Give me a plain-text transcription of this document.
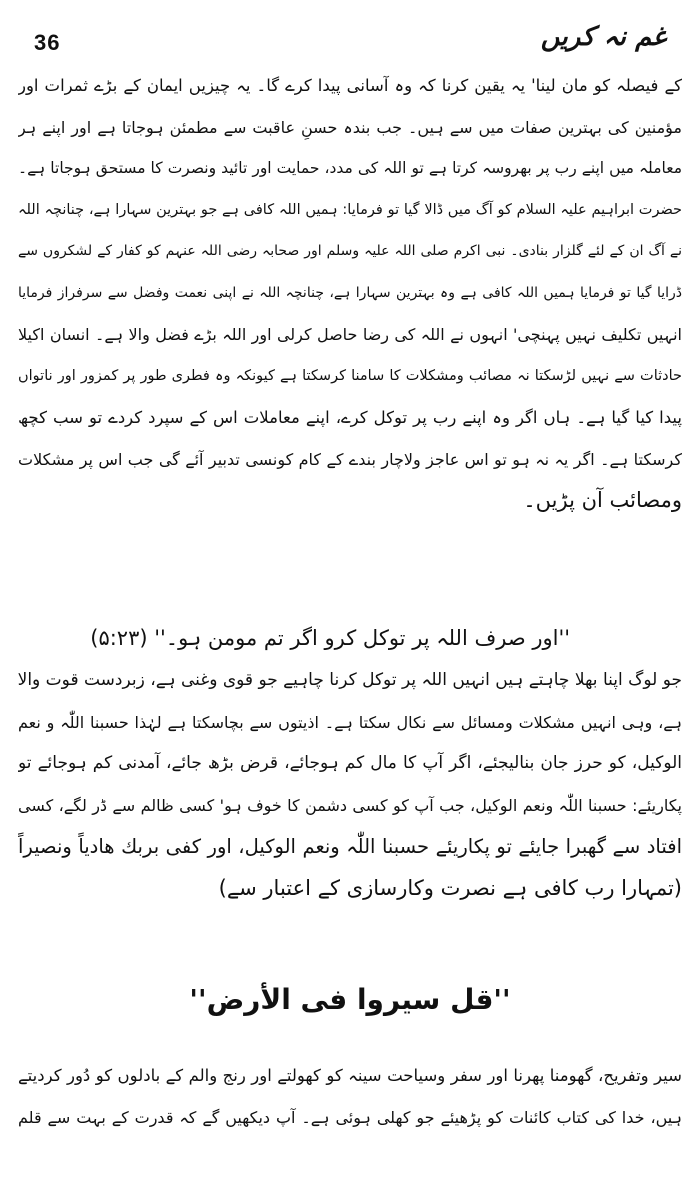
36	غم نہ کریں
کے فیصلہ کو مان لینا' یہ یقین کرنا کہ وہ آسانی پیدا کرے گا۔ یہ چیزیں ایمان کے بڑے ثمرات اور
مؤمنین کی بہترین صفات میں سے ہیں۔ جب بندہ حسنِ عاقبت سے مطمئن ہوجاتا ہے اور اپنے ہر
معاملہ میں اپنے رب پر بھروسہ کرتا ہے تو اللہ کی مدد، حمایت اور تائید ونصرت کا مستحق ہوجاتا ہے۔
حضرت ابراہیم علیہ السلام کو آگ میں ڈالا گیا تو فرمایا: ہمیں اللہ کافی ہے جو بہترین سہارا ہے، چنانچہ اللہ
نے آگ ان کے لئے گلزار بنادی۔ نبی اکرم صلی اللہ علیہ وسلم اور صحابہ رضی اللہ عنہم کو کفار کے لشکروں سے
ڈرایا گیا تو فرمایا ہمیں اللہ کافی ہے وہ بہترین سہارا ہے، چنانچہ اللہ نے اپنی نعمت وفضل سے سرفراز فرمایا
انہیں تکلیف نہیں پہنچی' انہوں نے اللہ کی رضا حاصل کرلی اور اللہ بڑے فضل والا ہے۔ انسان اکیلا
حادثات سے نہیں لڑسکتا نہ مصائب ومشکلات کا سامنا کرسکتا ہے کیونکہ وہ فطری طور پر کمزور اور ناتواں
پیدا کیا گیا ہے۔ ہاں اگر وہ اپنے رب پر توکل کرے، اپنے معاملات اس کے سپرد کردے تو سب کچھ
کرسکتا ہے۔ اگر یہ نہ ہو تو اس عاجز ولاچار بندے کے کام کونسی تدبیر آئے گی جب اس پر مشکلات
ومصائب آن پڑیں۔
''اور صرف اللہ پر توکل کرو اگر تم مومن ہو۔'' (۵:۲۳)
جو لوگ اپنا بھلا چاہتے ہیں انہیں اللہ پر توکل کرنا چاہیے جو قوی وغنی ہے، زبردست قوت والا
ہے، وہی انہیں مشکلات ومسائل سے نکال سکتا ہے۔ اذیتوں سے بچاسکتا ہے لہٰذا حسبنا اللّٰہ و نعم
الوکیل، کو حرز جان بنالیجئے، اگر آپ کا مال کم ہوجائے، قرض بڑھ جائے، آمدنی کم ہوجائے تو
پکاریئے: حسبنا اللّٰہ ونعم الوکیل، جب آپ کو کسی دشمن کا خوف ہو' کسی ظالم سے ڈر لگے، کسی
افتاد سے گھبرا جایئے تو پکاریئے حسبنا اللّٰہ ونعم الوکیل، اور کفی بربك ھادیاً ونصیراً
(تمہارا رب کافی ہے نصرت وکارسازی کے اعتبار سے)
''قل سیروا فی الأرض''
سیر وتفریح، گھومنا پھرنا اور سفر وسیاحت سینہ کو کھولتے اور رنج والم کے بادلوں کو دُور کردیتے
ہیں، خدا کی کتاب کائنات کو پڑھیئے جو کھلی ہوئی ہے۔ آپ دیکھیں گے کہ قدرت کے بہت سے قلم
